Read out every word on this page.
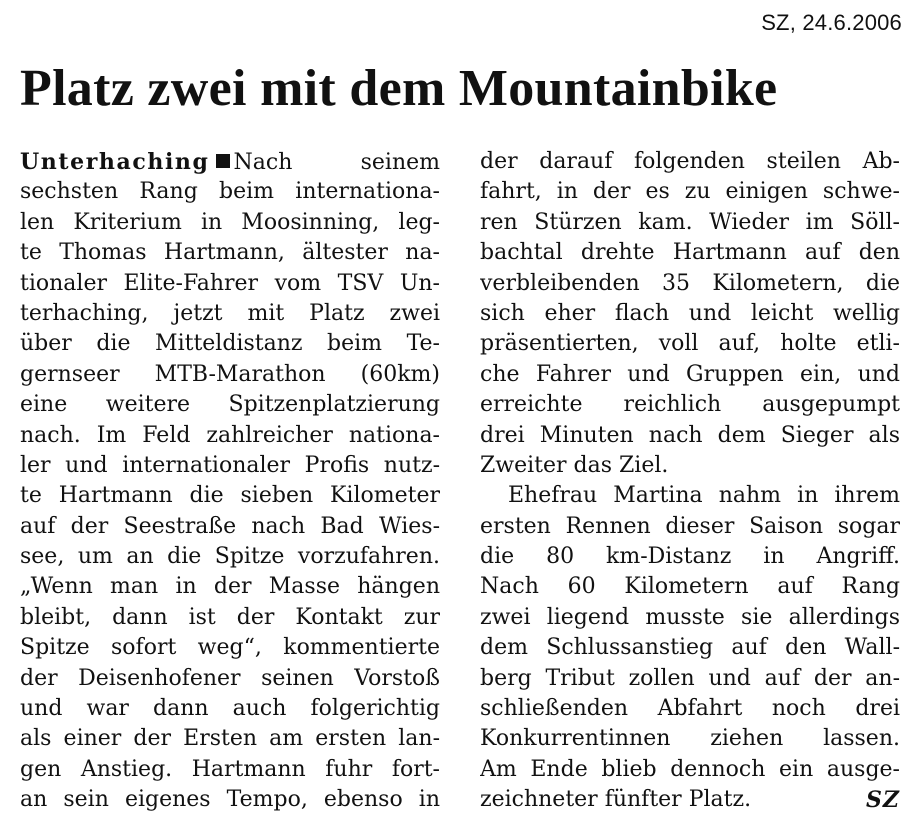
SZ, 24.6.2006
Platz zwei mit dem Mountainbike
Unterhaching Nach seinem
sechsten Rang beim internationa-
len Kriterium in Moosinning, leg-
te Thomas Hartmann, ältester na-
tionaler Elite-Fahrer vom TSV Un-
terhaching, jetzt mit Platz zwei
über die Mitteldistanz beim Te-
gernseer MTB-Marathon (60km)
eine weitere Spitzenplatzierung
nach. Im Feld zahlreicher nationa-
ler und internationaler Profis nutz-
te Hartmann die sieben Kilometer
auf der Seestraße nach Bad Wies-
see, um an die Spitze vorzufahren.
„Wenn man in der Masse hängen
bleibt, dann ist der Kontakt zur
Spitze sofort weg“, kommentierte
der Deisenhofener seinen Vorstoß
und war dann auch folgerichtig
als einer der Ersten am ersten lan-
gen Anstieg. Hartmann fuhr fort-
an sein eigenes Tempo, ebenso in
der darauf folgenden steilen Ab-
fahrt, in der es zu einigen schwe-
ren Stürzen kam. Wieder im Söll-
bachtal drehte Hartmann auf den
verbleibenden 35 Kilometern, die
sich eher flach und leicht wellig
präsentierten, voll auf, holte etli-
che Fahrer und Gruppen ein, und
erreichte reichlich ausgepumpt
drei Minuten nach dem Sieger als
Zweiter das Ziel.
Ehefrau Martina nahm in ihrem
ersten Rennen dieser Saison sogar
die 80 km-Distanz in Angriff.
Nach 60 Kilometern auf Rang
zwei liegend musste sie allerdings
dem Schlussanstieg auf den Wall-
berg Tribut zollen und auf der an-
schließenden Abfahrt noch drei
Konkurrentinnen ziehen lassen.
Am Ende blieb dennoch ein ausge-
zeichneter fünfter Platz.	SZ
